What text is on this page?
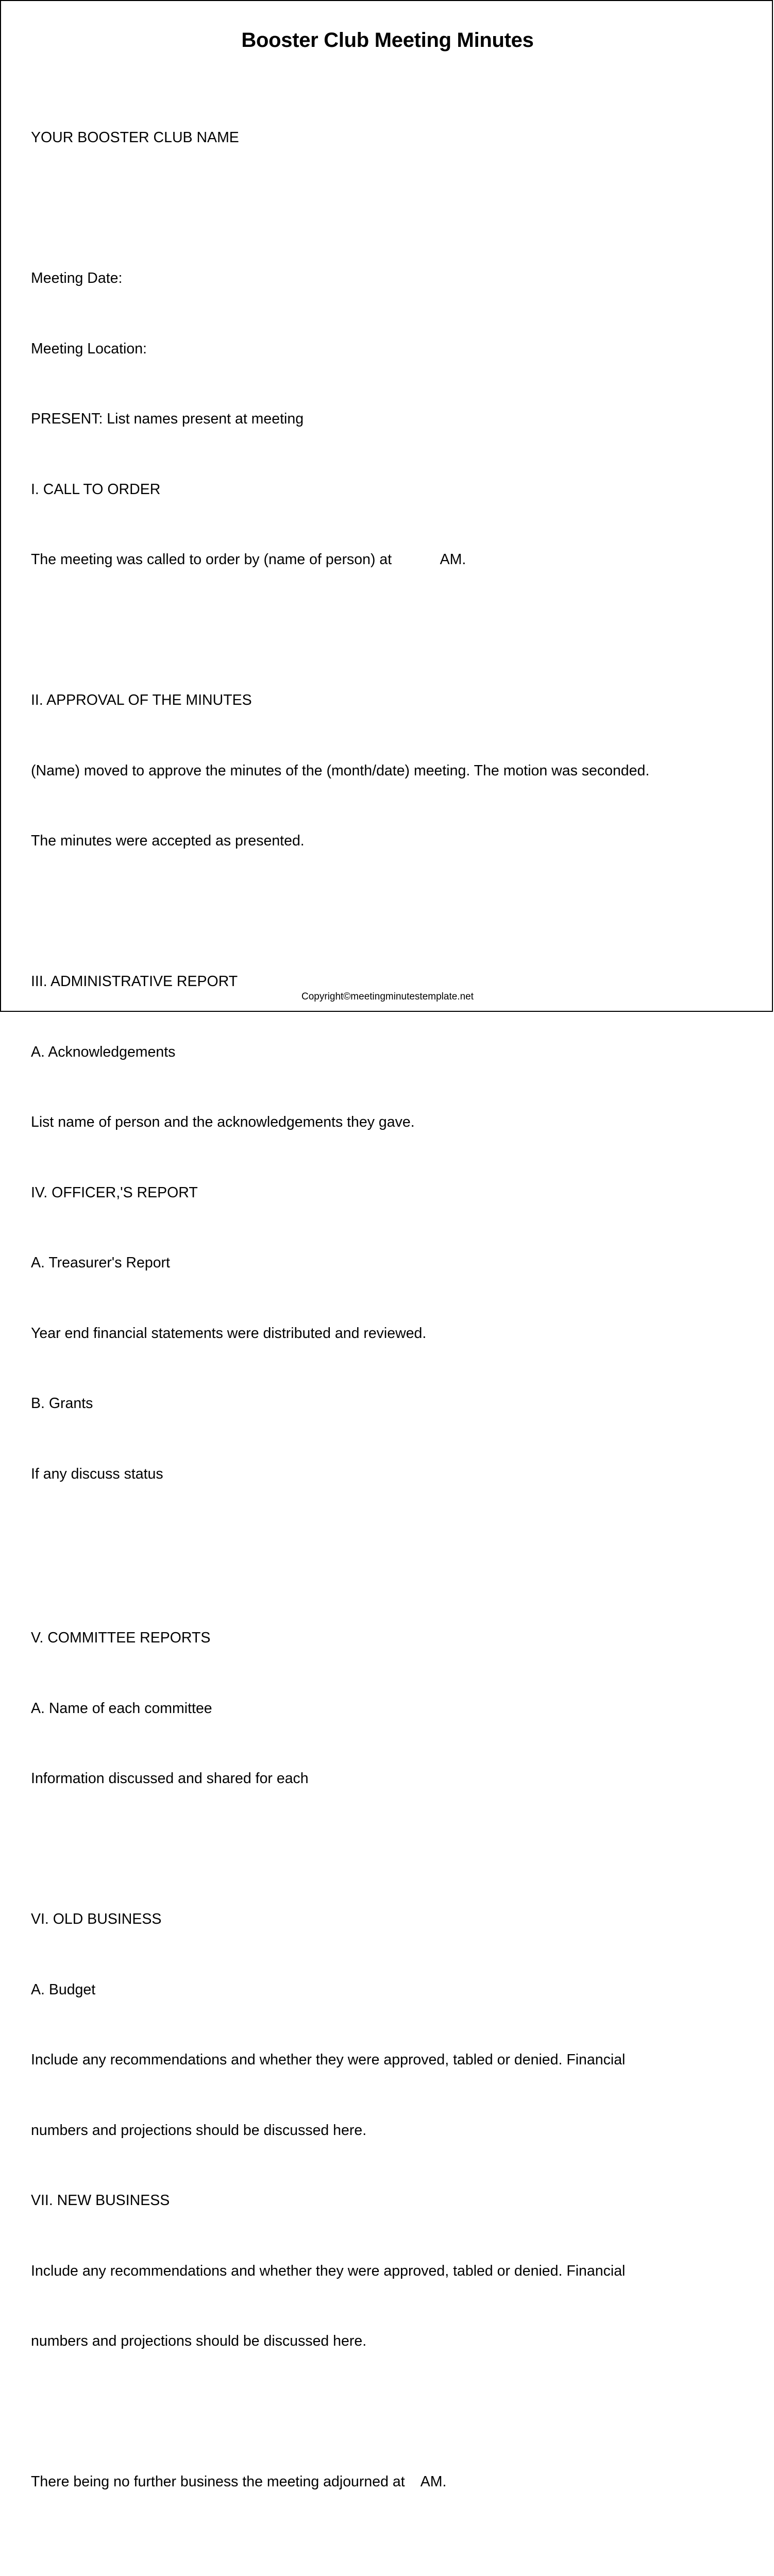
Booster Club Meeting Minutes

YOUR BOOSTER CLUB NAME

Meeting Date:

Meeting Location:

PRESENT: List names present at meeting

I. CALL TO ORDER

The meeting was called to order by (name of person) at            AM.

II. APPROVAL OF THE MINUTES

(Name) moved to approve the minutes of the (month/date) meeting. The motion was seconded.

The minutes were accepted as presented.

III. ADMINISTRATIVE REPORT

A. Acknowledgements

List name of person and the acknowledgements they gave.

IV. OFFICER,'S REPORT

A. Treasurer's Report

Year end financial statements were distributed and reviewed.

B. Grants

If any discuss status

V. COMMITTEE REPORTS

A. Name of each committee

Information discussed and shared for each

VI. OLD BUSINESS

A. Budget

Include any recommendations and whether they were approved, tabled or denied. Financial

numbers and projections should be discussed here.

VII. NEW BUSINESS

Include any recommendations and whether they were approved, tabled or denied. Financial

numbers and projections should be discussed here.

There being no further business the meeting adjourned at    AM.

Copyright©meetingminutestemplate.net
